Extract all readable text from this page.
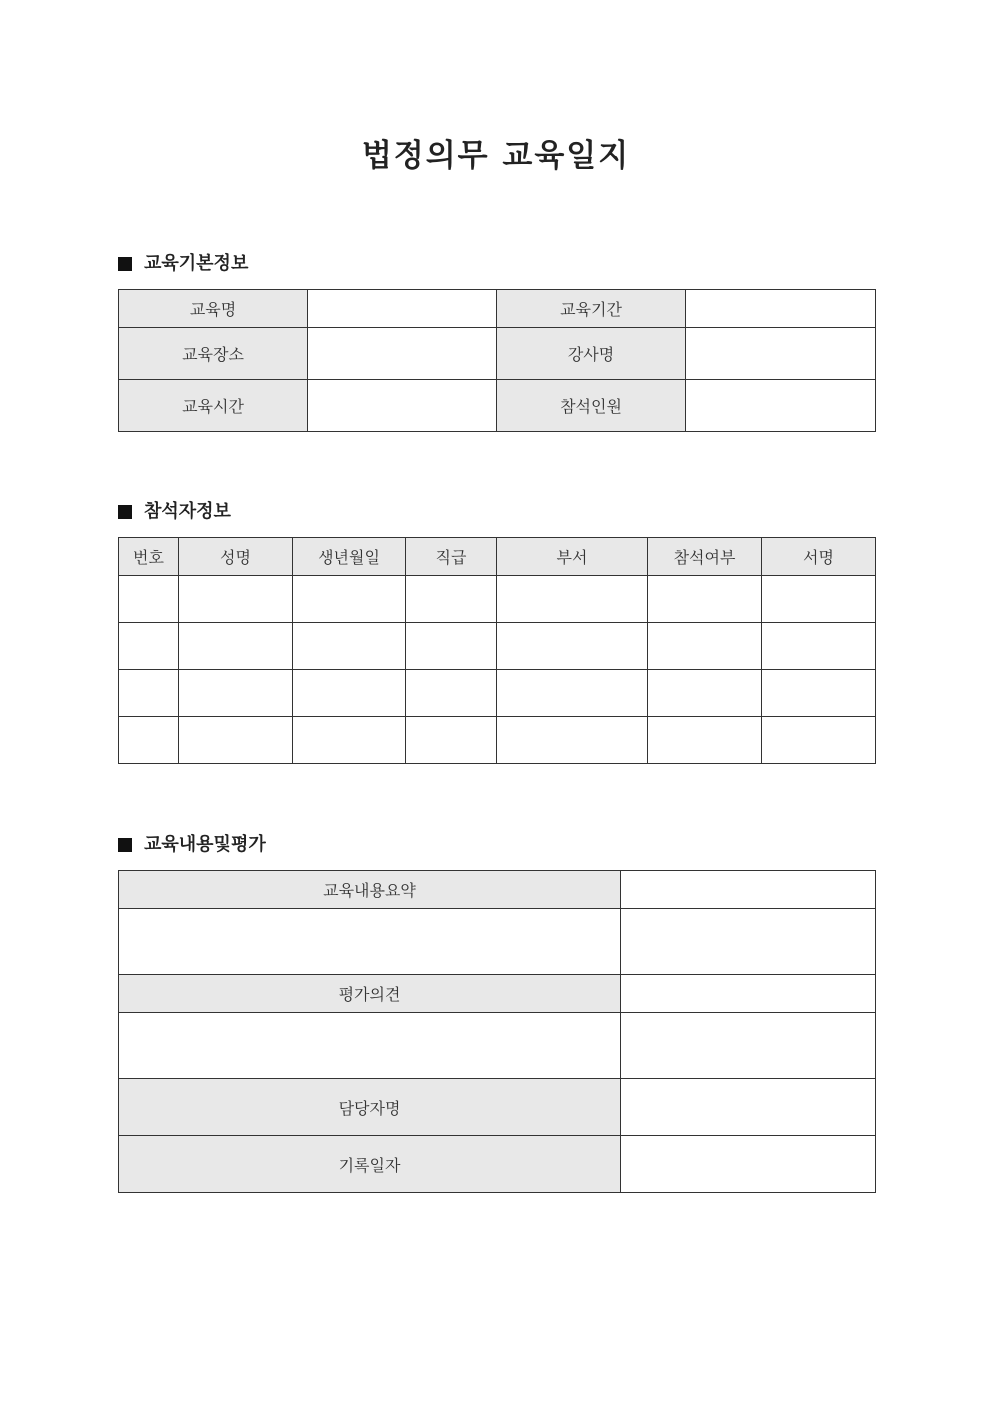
법정의무 교육일지
교육기본정보
교육명		교육기간	
교육장소		강사명	
교육시간		참석인원	
참석자정보
번호	성명	생년월일	직급	부서	참석여부	서명

교육내용및평가
교육내용요약	

평가의견	

담당자명	
기록일자	
